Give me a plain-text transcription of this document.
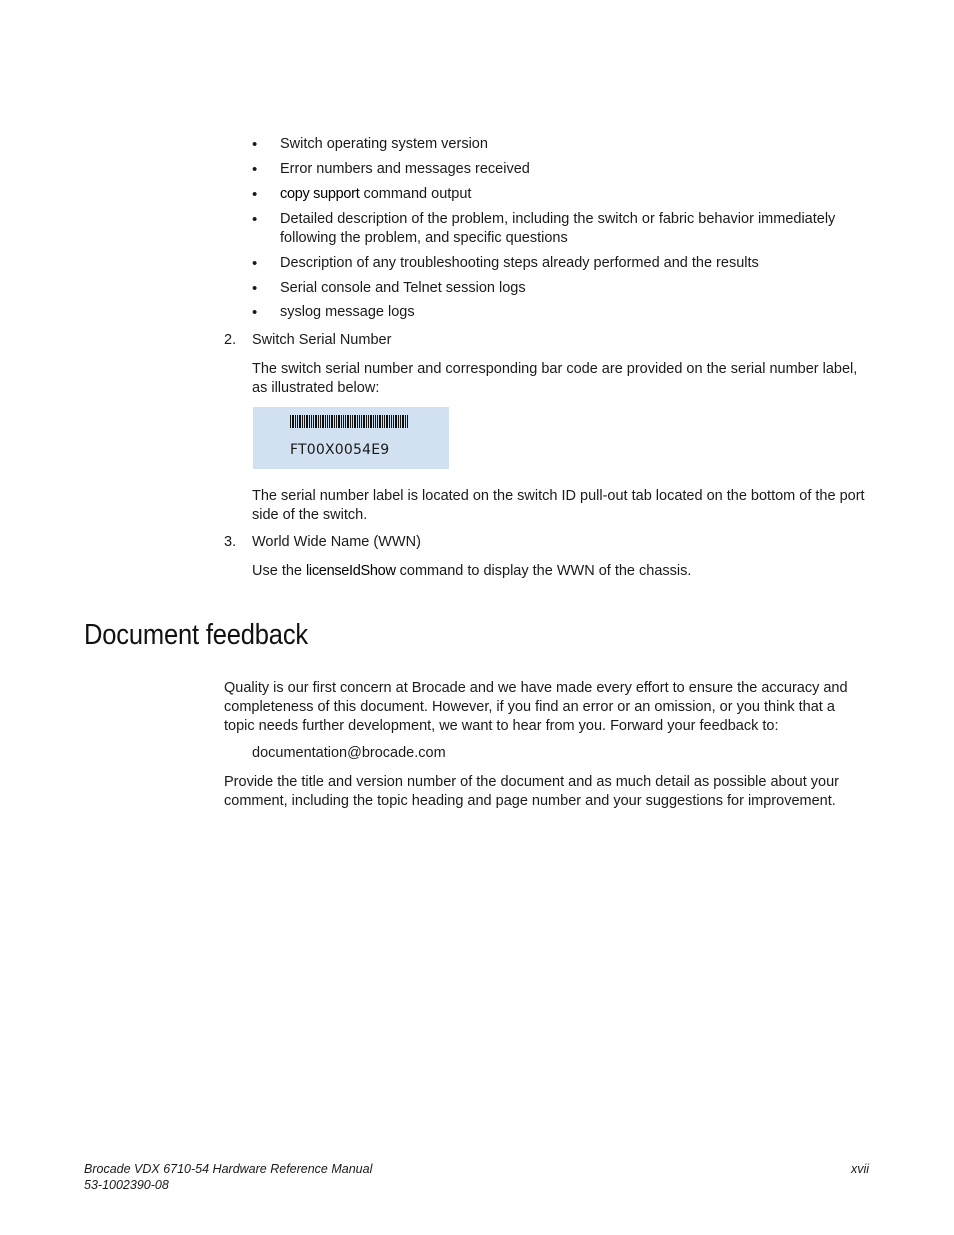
•	Switch operating system version
•	Error numbers and messages received
•	copy support command output
•	Detailed description of the problem, including the switch or fabric behavior immediately following the problem, and specific questions
•	Description of any troubleshooting steps already performed and the results
•	Serial console and Telnet session logs
•	syslog message logs
2. Switch Serial Number
The switch serial number and corresponding bar code are provided on the serial number label, as illustrated below:
FT00X0054E9
The serial number label is located on the switch ID pull-out tab located on the bottom of the port side of the switch.
3. World Wide Name (WWN)
Use the licenseIdShow command to display the WWN of the chassis.
Document feedback
Quality is our first concern at Brocade and we have made every effort to ensure the accuracy and completeness of this document. However, if you find an error or an omission, or you think that a topic needs further development, we want to hear from you. Forward your feedback to:
documentation@brocade.com
Provide the title and version number of the document and as much detail as possible about your comment, including the topic heading and page number and your suggestions for improvement.
Brocade VDX 6710-54 Hardware Reference Manual
53-1002390-08
xvii
